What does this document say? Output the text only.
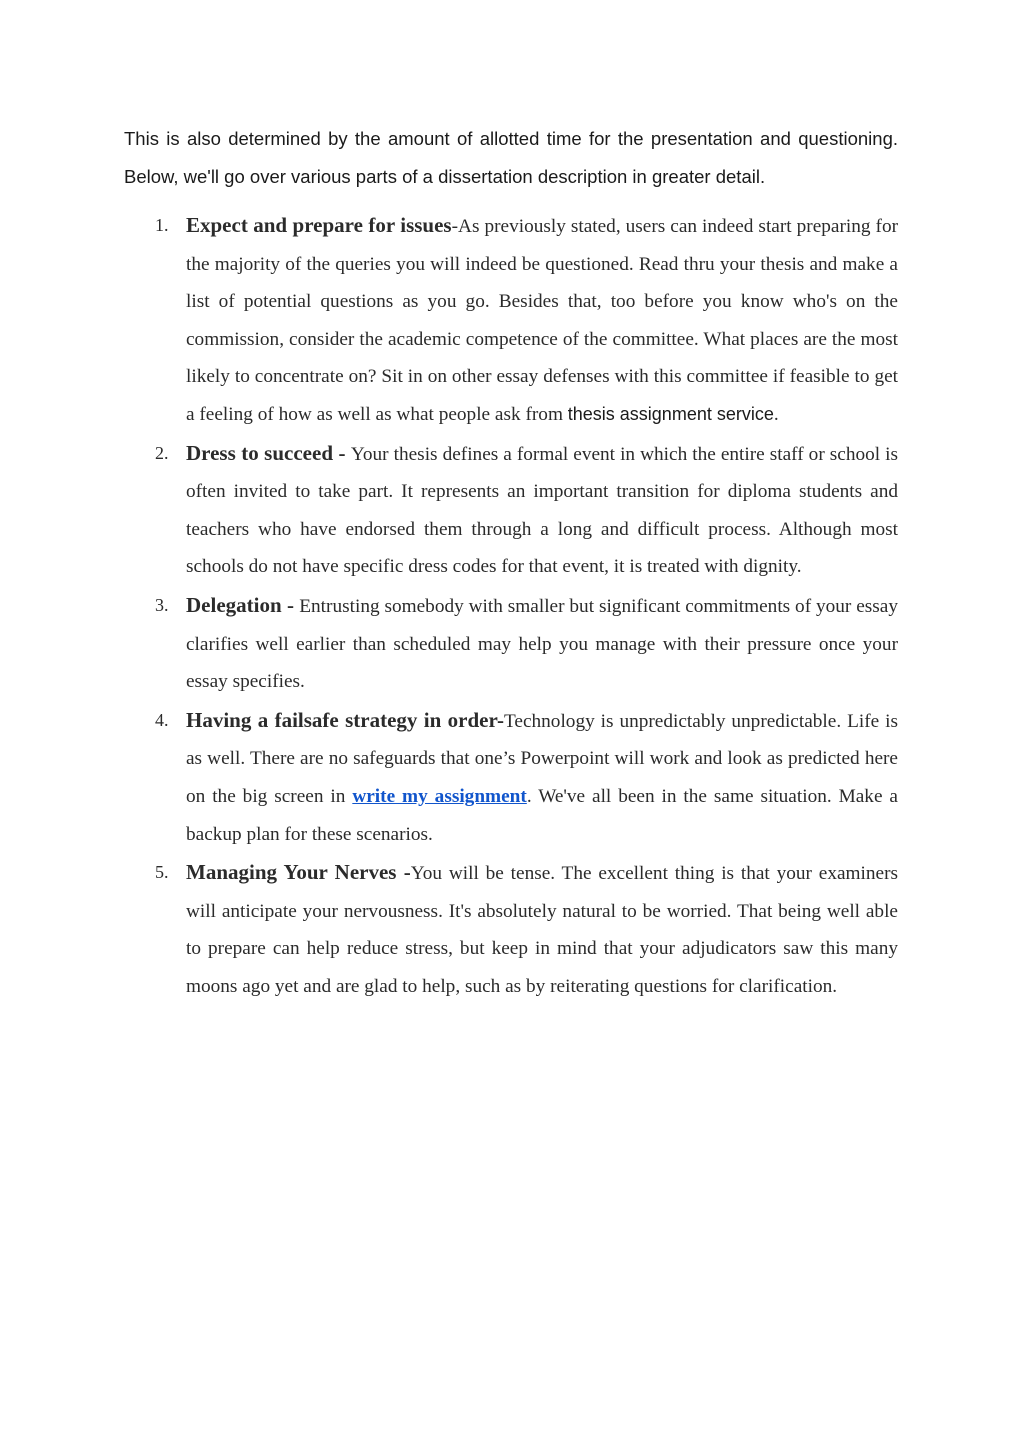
This is also determined by the amount of allotted time for the presentation and questioning. Below, we'll go over various parts of a dissertation description in greater detail.

1. Expect and prepare for issues-As previously stated, users can indeed start preparing for the majority of the queries you will indeed be questioned. Read thru your thesis and make a list of potential questions as you go. Besides that, too before you know who's on the commission, consider the academic competence of the committee. What places are the most likely to concentrate on? Sit in on other essay defenses with this committee if feasible to get a feeling of how as well as what people ask from thesis assignment service.
2. Dress to succeed - Your thesis defines a formal event in which the entire staff or school is often invited to take part. It represents an important transition for diploma students and teachers who have endorsed them through a long and difficult process. Although most schools do not have specific dress codes for that event, it is treated with dignity.
3. Delegation - Entrusting somebody with smaller but significant commitments of your essay clarifies well earlier than scheduled may help you manage with their pressure once your essay specifies.
4. Having a failsafe strategy in order-Technology is unpredictably unpredictable. Life is as well. There are no safeguards that one’s Powerpoint will work and look as predicted here on the big screen in write my assignment. We've all been in the same situation. Make a backup plan for these scenarios.
5. Managing Your Nerves -You will be tense. The excellent thing is that your examiners will anticipate your nervousness. It's absolutely natural to be worried. That being well able to prepare can help reduce stress, but keep in mind that your adjudicators saw this many moons ago yet and are glad to help, such as by reiterating questions for clarification.
